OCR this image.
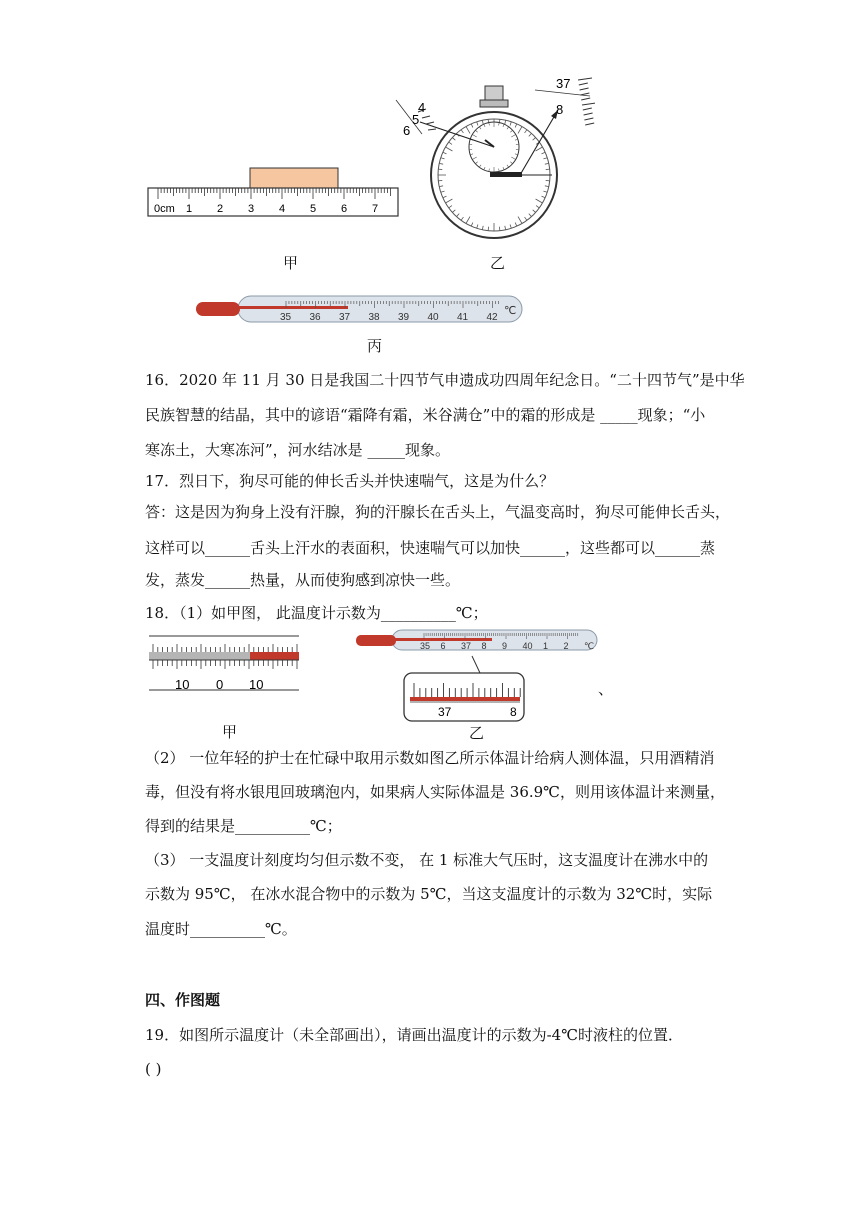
0cm 1 2 3 4 5 6 7
甲
4
5
6
37
8
乙
35 36 37 38 39 40 41 42
℃
丙
16．2020 年 11 月 30 日是我国二十四节气申遗成功四周年纪念日。“二十四节气”是中华
民族智慧的结晶，其中的谚语“霜降有霜，米谷满仓”中的霜的形成是 _____现象；“小
寒冻土，大寒冻河”，河水结冰是 _____现象。
17．烈日下，狗尽可能的伸长舌头并快速喘气，这是为什么？
答：这是因为狗身上没有汗腺，狗的汗腺长在舌头上，气温变高时，狗尽可能伸长舌头，
这样可以______舌头上汗水的表面积，快速喘气可以加快______，这些都可以______蒸
发，蒸发______热量，从而使狗感到凉快一些。
18．（1）如甲图， 此温度计示数为__________℃；
10 0 10
甲
35 6 37 8 9 40 1 2 ℃
37	8
乙
、
（2） 一位年轻的护士在忙碌中取用示数如图乙所示体温计给病人测体温，只用酒精消
毒，但没有将水银甩回玻璃泡内，如果病人实际体温是 36.9℃，则用该体温计来测量，
得到的结果是__________℃；
（3） 一支温度计刻度均匀但示数不变， 在 1 标准大气压时，这支温度计在沸水中的
示数为 95℃， 在冰水混合物中的示数为 5℃，当这支温度计的示数为 32℃时，实际
温度时__________℃。
四、作图题
19．如图所示温度计（未全部画出），请画出温度计的示数为-4℃时液柱的位置．
( )
